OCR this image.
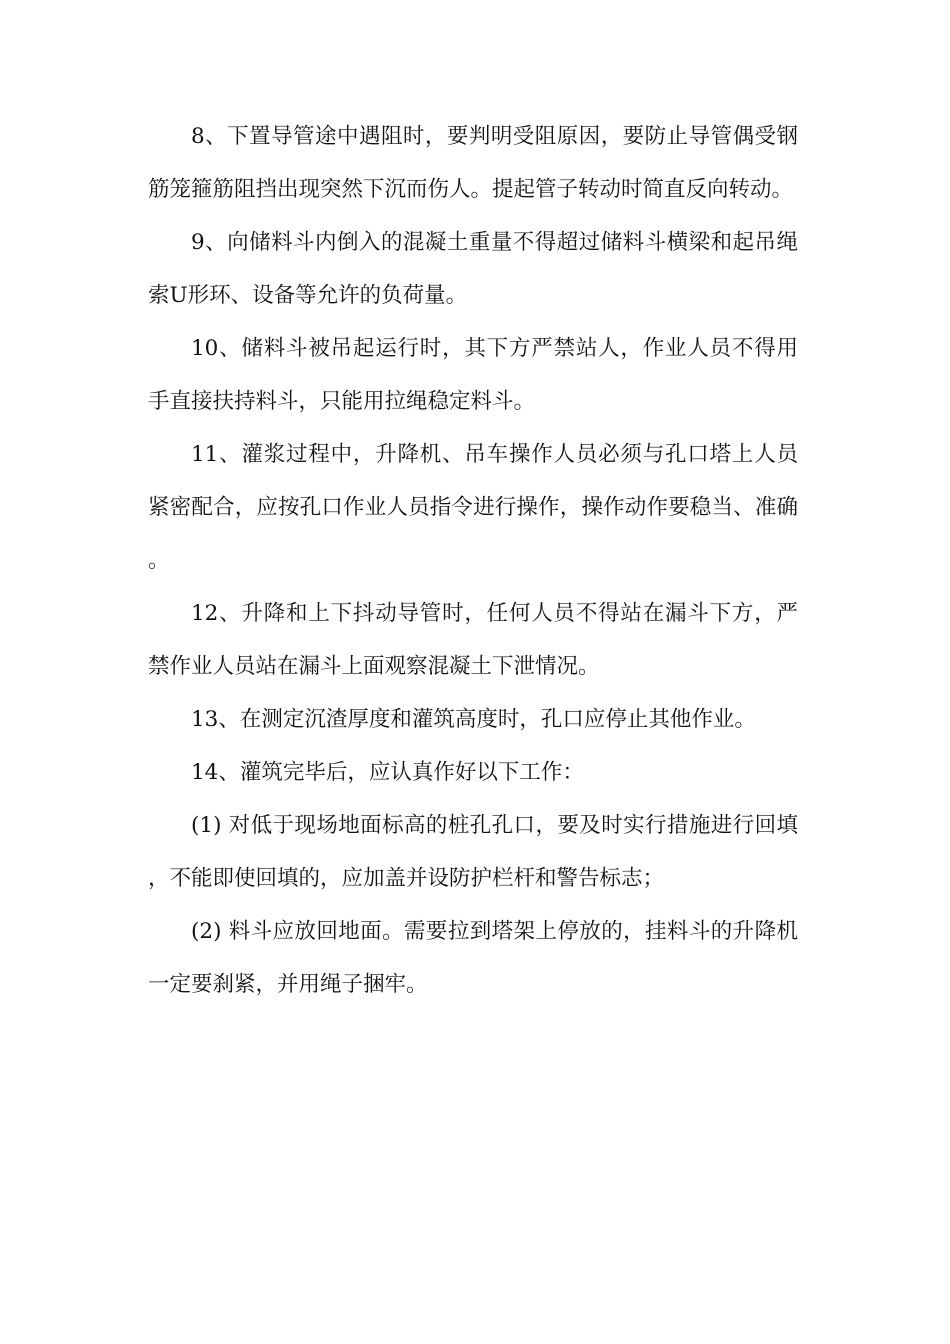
8、下置导管途中遇阻时，要判明受阻原因，要防止导管偶受钢筋笼箍筋阻挡出现突然下沉而伤人。提起管子转动时简直反向转动。

9、向储料斗内倒入的混凝土重量不得超过储料斗横梁和起吊绳索U形环、设备等允许的负荷量。

10、储料斗被吊起运行时，其下方严禁站人，作业人员不得用手直接扶持料斗，只能用拉绳稳定料斗。

11、灌浆过程中，升降机、吊车操作人员必须与孔口塔上人员紧密配合，应按孔口作业人员指令进行操作，操作动作要稳当、准确。

12、升降和上下抖动导管时，任何人员不得站在漏斗下方，严禁作业人员站在漏斗上面观察混凝土下泄情况。

13、在测定沉渣厚度和灌筑高度时，孔口应停止其他作业。

14、灌筑完毕后，应认真作好以下工作：

(1) 对低于现场地面标高的桩孔孔口，要及时实行措施进行回填，不能即使回填的，应加盖并设防护栏杆和警告标志；

(2) 料斗应放回地面。需要拉到塔架上停放的，挂料斗的升降机一定要刹紧，并用绳子捆牢。
